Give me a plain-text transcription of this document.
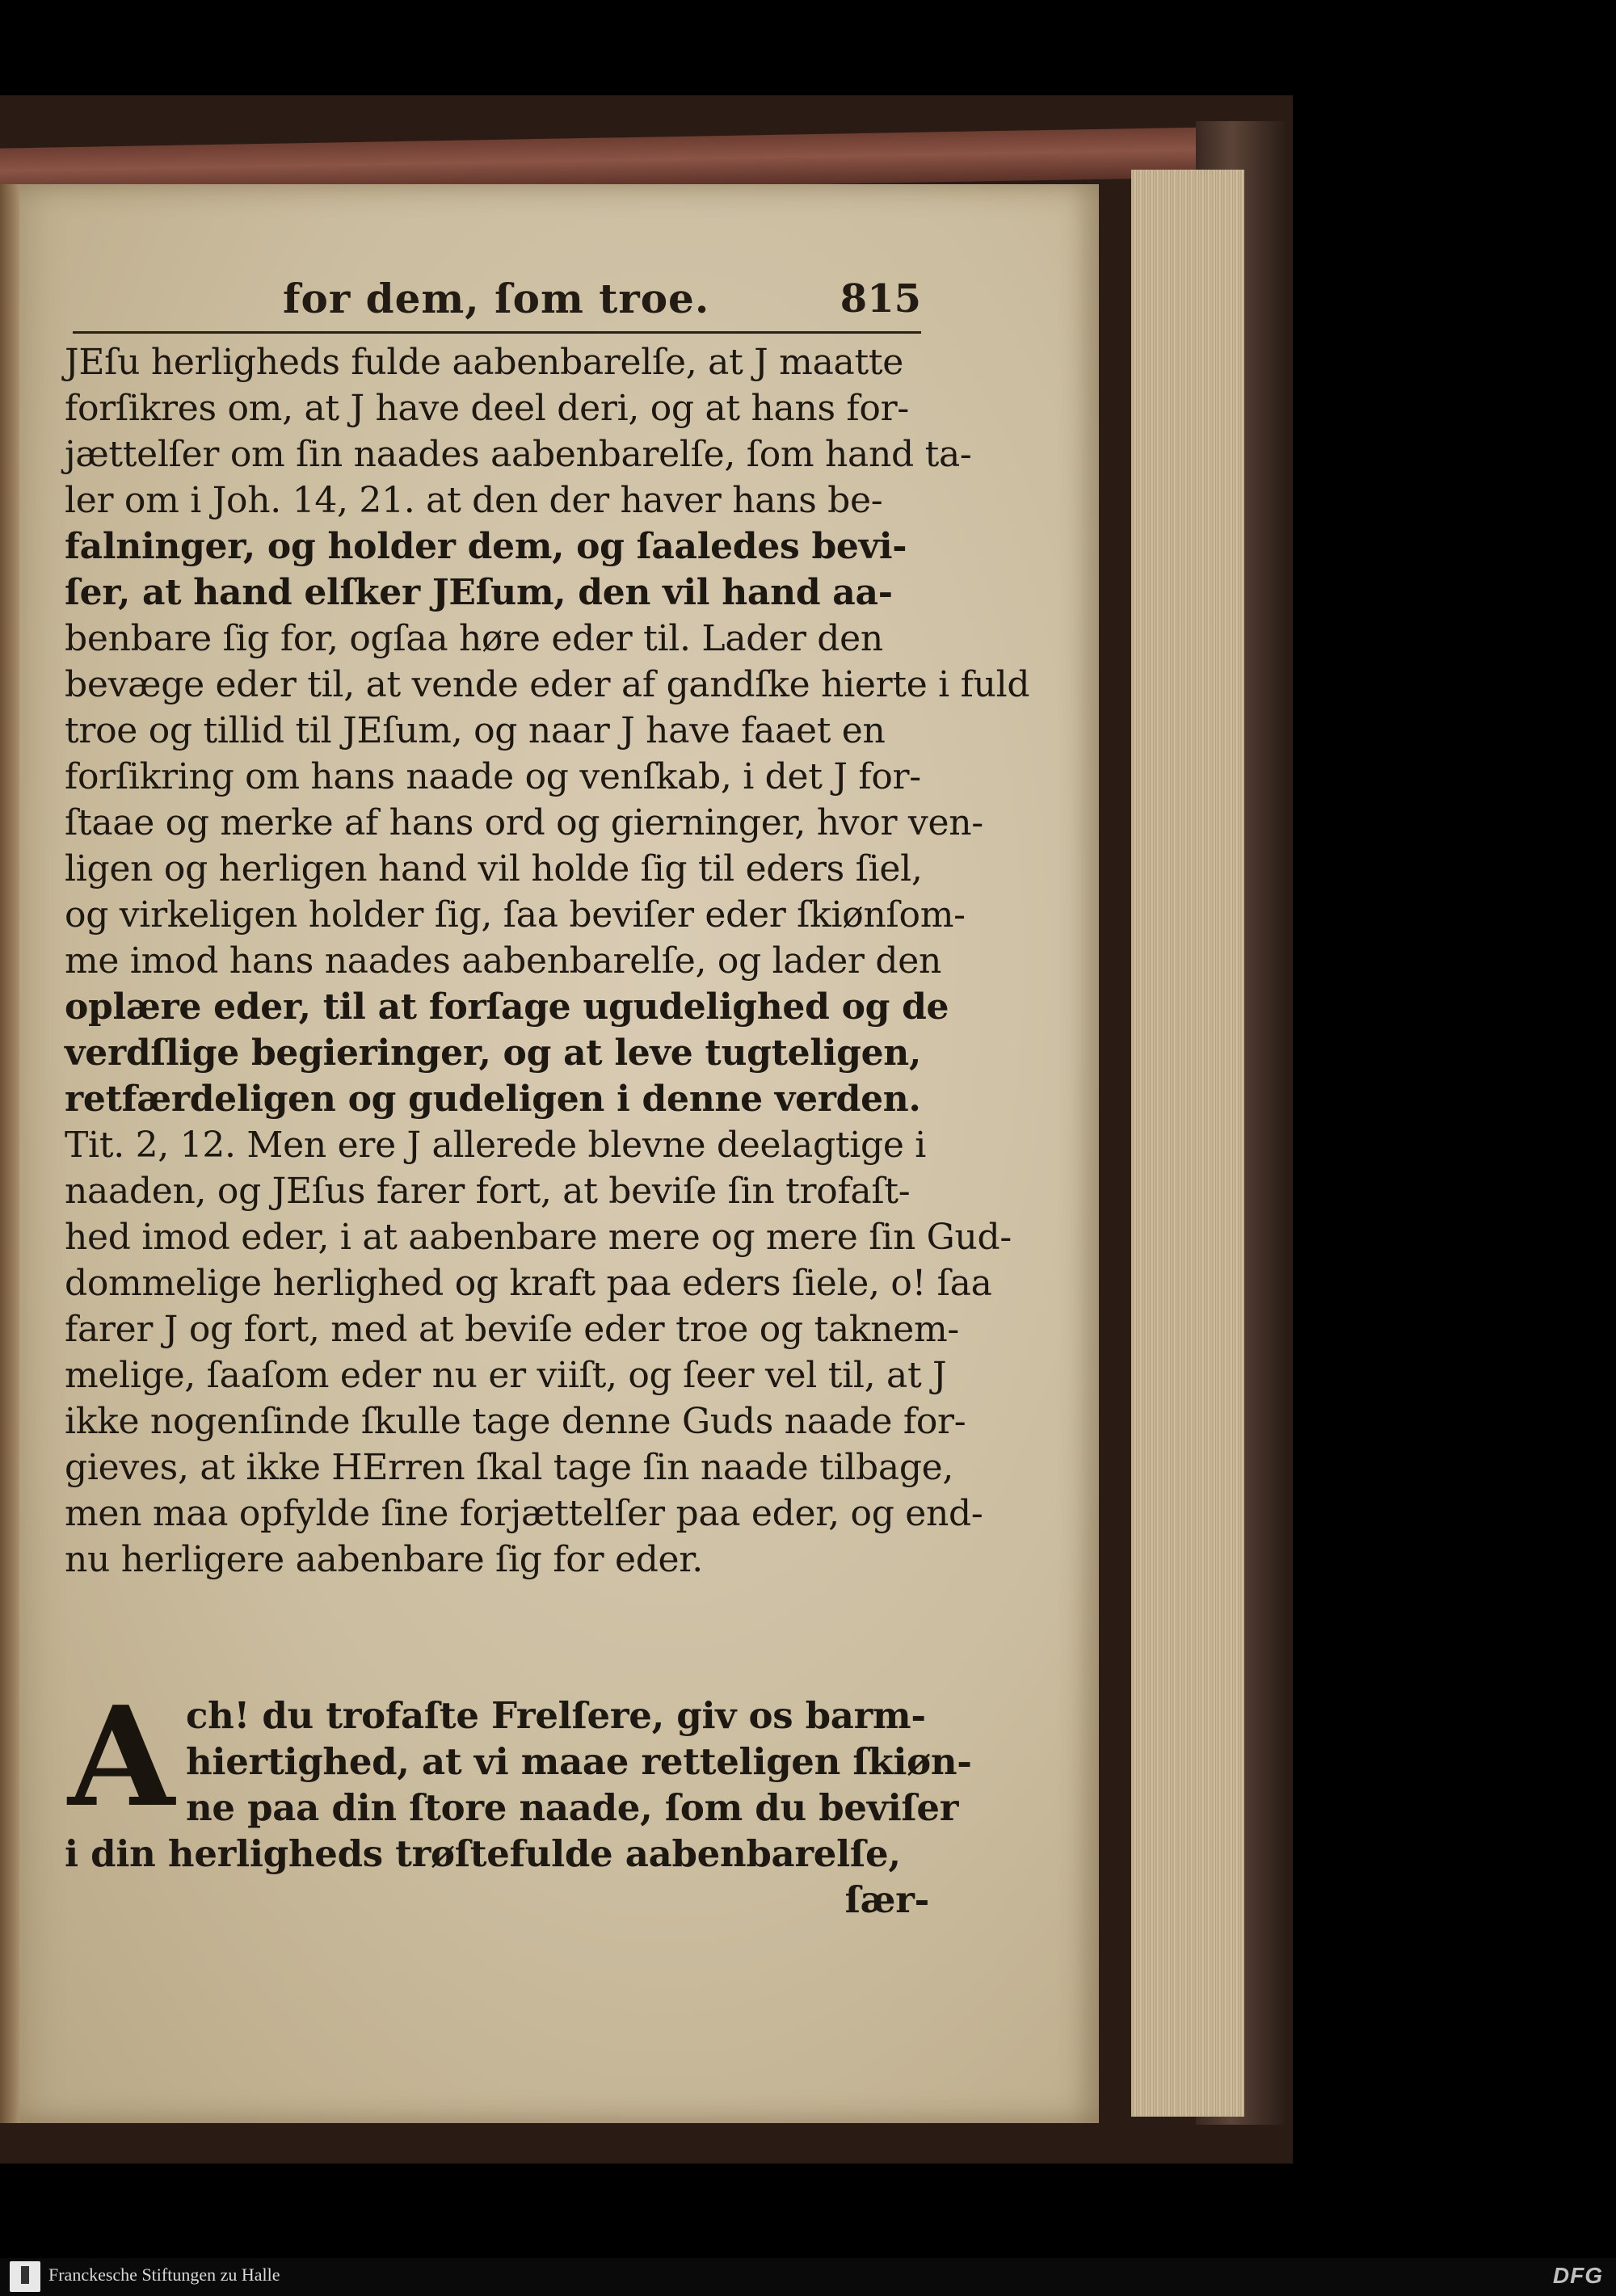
for dem, ſom troe.	815
JEſu herligheds fulde aabenbarelſe, at J maatte
forſikres om, at J have deel deri, og at hans for-
jættelſer om ſin naades aabenbarelſe, ſom hand ta-
ler om i Joh. 14, 21. at den der haver hans be-
falninger, og holder dem, og ſaaledes bevi-
ſer, at hand elſker JEſum, den vil hand aa-
benbare ſig for, ogſaa høre eder til. Lader den
bevæge eder til, at vende eder af gandſke hierte i fuld
troe og tillid til JEſum, og naar J have faaet en
forſikring om hans naade og venſkab, i det J for-
ſtaae og merke af hans ord og gierninger, hvor ven-
ligen og herligen hand vil holde ſig til eders ſiel,
og virkeligen holder ſig, ſaa beviſer eder ſkiønſom-
me imod hans naades aabenbarelſe, og lader den
oplære eder, til at forſage ugudelighed og de
verdſlige begieringer, og at leve tugteligen,
retfærdeligen og gudeligen i denne verden.
Tit. 2, 12. Men ere J allerede blevne deelagtige i
naaden, og JEſus farer fort, at beviſe ſin trofaſt-
hed imod eder, i at aabenbare mere og mere ſin Gud-
dommelige herlighed og kraft paa eders ſiele, o! ſaa
farer J og fort, med at beviſe eder troe og taknem-
melige, ſaaſom eder nu er viiſt, og ſeer vel til, at J
ikke nogenſinde ſkulle tage denne Guds naade for-
gieves, at ikke HErren ſkal tage ſin naade tilbage,
men maa opfylde ſine forjættelſer paa eder, og end-
nu herligere aabenbare ſig for eder.
A ch! du trofaſte Frelſere, giv os barm-
hiertighed, at vi maae retteligen ſkiøn-
ne paa din ſtore naade, ſom du beviſer
i din herligheds trøſtefulde aabenbarelſe,
ſær-
Franckesche Stiftungen zu Halle	DFG
